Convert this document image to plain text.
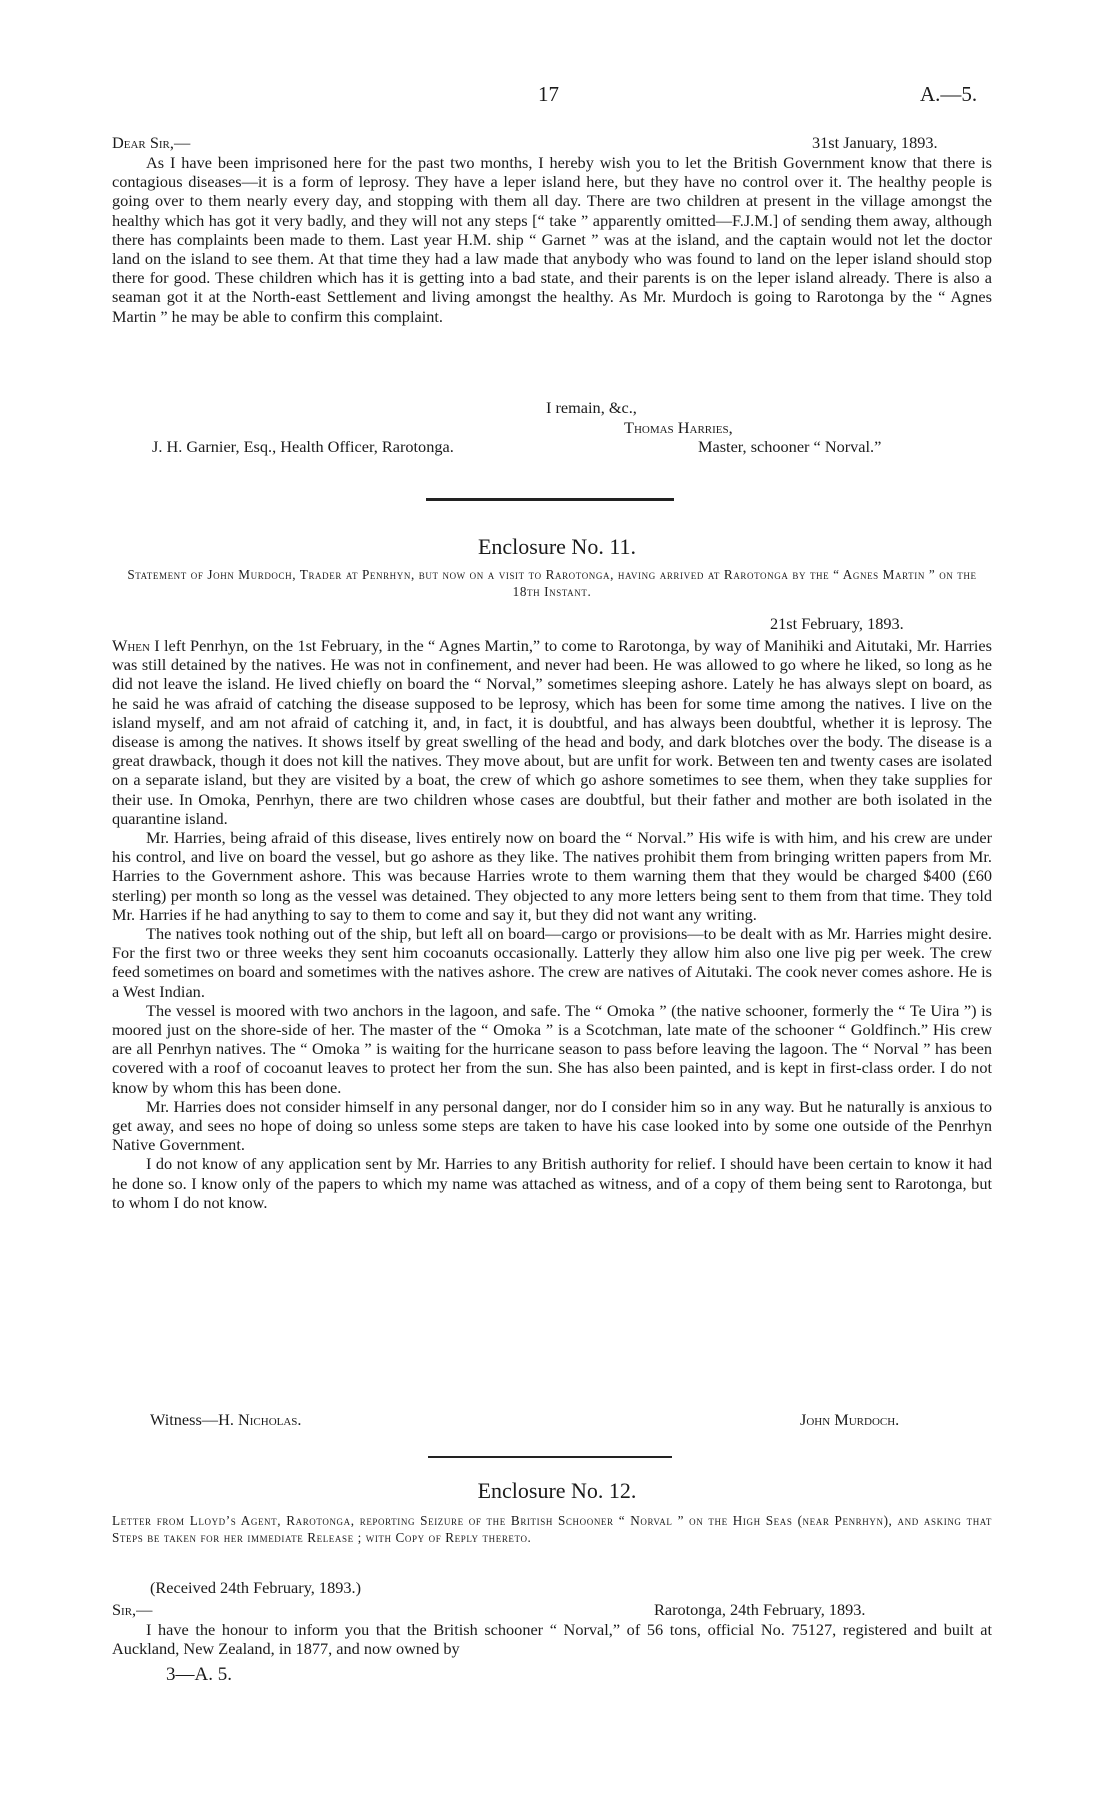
17	A.—5.
Dear Sir,—	31st January, 1893.

As I have been imprisoned here for the past two months, I hereby wish you to let the British Government know that there is contagious diseases—it is a form of leprosy. They have a leper island here, but they have no control over it. The healthy people is going over to them nearly every day, and stopping with them all day. There are two children at present in the village amongst the healthy which has got it very badly, and they will not any steps [“ take ” apparently omitted—F.J.M.] of sending them away, although there has complaints been made to them. Last year H.M. ship “ Garnet ” was at the island, and the captain would not let the doctor land on the island to see them. At that time they had a law made that anybody who was found to land on the leper island should stop there for good. These children which has it is getting into a bad state, and their parents is on the leper island already. There is also a seaman got it at the North-east Settlement and living amongst the healthy. As Mr. Murdoch is going to Rarotonga by the “ Agnes Martin ” he may be able to confirm this complaint.

I remain, &c.,
Thomas Harries,
J. H. Garnier, Esq., Health Officer, Rarotonga.	Master, schooner “ Norval.”
Enclosure No. 11.
Statement of John Murdoch, Trader at Penrhyn, but now on a visit to Rarotonga, having arrived at Rarotonga by the “ Agnes Martin ” on the 18th Instant.
21st February, 1893.

When I left Penrhyn, on the 1st February, in the “ Agnes Martin,” to come to Rarotonga, by way of Manihiki and Aitutaki, Mr. Harries was still detained by the natives. He was not in confinement, and never had been. He was allowed to go where he liked, so long as he did not leave the island. He lived chiefly on board the “ Norval,” sometimes sleeping ashore. Lately he has always slept on board, as he said he was afraid of catching the disease supposed to be leprosy, which has been for some time among the natives. I live on the island myself, and am not afraid of catching it, and, in fact, it is doubtful, and has always been doubtful, whether it is leprosy. The disease is among the natives. It shows itself by great swelling of the head and body, and dark blotches over the body. The disease is a great drawback, though it does not kill the natives. They move about, but are unfit for work. Between ten and twenty cases are isolated on a separate island, but they are visited by a boat, the crew of which go ashore sometimes to see them, when they take supplies for their use. In Omoka, Penrhyn, there are two children whose cases are doubtful, but their father and mother are both isolated in the quarantine island.

Mr. Harries, being afraid of this disease, lives entirely now on board the “ Norval.” His wife is with him, and his crew are under his control, and live on board the vessel, but go ashore as they like. The natives prohibit them from bringing written papers from Mr. Harries to the Government ashore. This was because Harries wrote to them warning them that they would be charged $400 (£60 sterling) per month so long as the vessel was detained. They objected to any more letters being sent to them from that time. They told Mr. Harries if he had anything to say to them to come and say it, but they did not want any writing.

The natives took nothing out of the ship, but left all on board—cargo or provisions—to be dealt with as Mr. Harries might desire. For the first two or three weeks they sent him cocoanuts occasionally. Latterly they allow him also one live pig per week. The crew feed sometimes on board and sometimes with the natives ashore. The crew are natives of Aitutaki. The cook never comes ashore. He is a West Indian.

The vessel is moored with two anchors in the lagoon, and safe. The “ Omoka ” (the native schooner, formerly the “ Te Uira ”) is moored just on the shore-side of her. The master of the “ Omoka ” is a Scotchman, late mate of the schooner “ Goldfinch.” His crew are all Penrhyn natives. The “ Omoka ” is waiting for the hurricane season to pass before leaving the lagoon. The “ Norval ” has been covered with a roof of cocoanut leaves to protect her from the sun. She has also been painted, and is kept in first-class order. I do not know by whom this has been done.

Mr. Harries does not consider himself in any personal danger, nor do I consider him so in any way. But he naturally is anxious to get away, and sees no hope of doing so unless some steps are taken to have his case looked into by some one outside of the Penrhyn Native Government.

I do not know of any application sent by Mr. Harries to any British authority for relief. I should have been certain to know it had he done so. I know only of the papers to which my name was attached as witness, and of a copy of them being sent to Rarotonga, but to whom I do not know.

Witness—H. Nicholas.	John Murdoch.
Enclosure No. 12.
Letter from Lloyd’s Agent, Rarotonga, reporting Seizure of the British Schooner “ Norval ” on the High Seas (near Penrhyn), and asking that Steps be taken for her immediate Release ; with Copy of Reply thereto.
(Received 24th February, 1893.)
Sir,—	Rarotonga, 24th February, 1893.

I have the honour to inform you that the British schooner “ Norval,” of 56 tons, official No. 75127, registered and built at Auckland, New Zealand, in 1877, and now owned by

3—A. 5.
